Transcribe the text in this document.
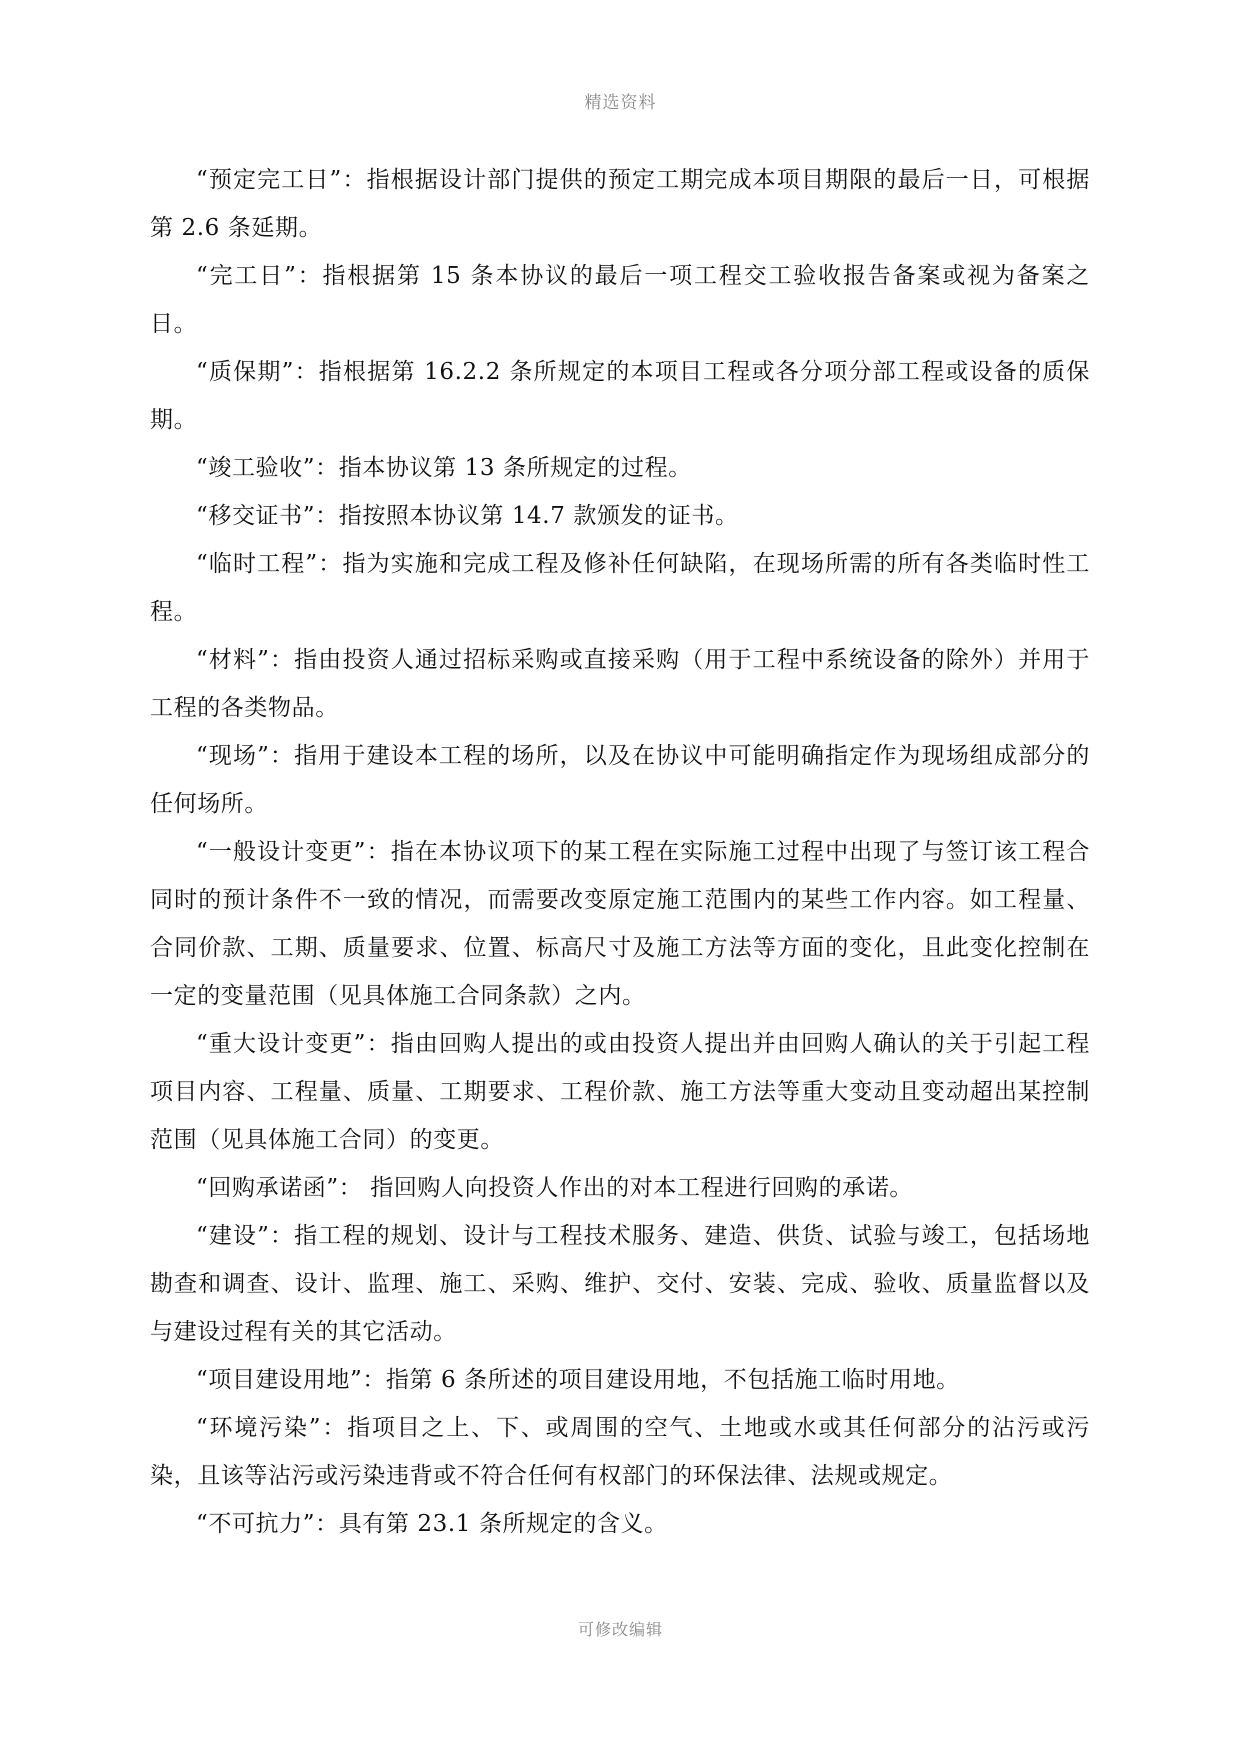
精选资料

“预定完工日”：指根据设计部门提供的预定工期完成本项目期限的最后一日，可根据第 2.6 条延期。

“完工日”：指根据第 15 条本协议的最后一项工程交工验收报告备案或视为备案之日。

“质保期”：指根据第 16.2.2 条所规定的本项目工程或各分项分部工程或设备的质保期。

“竣工验收”：指本协议第 13 条所规定的过程。

“移交证书”：指按照本协议第 14.7 款颁发的证书。

“临时工程”：指为实施和完成工程及修补任何缺陷，在现场所需的所有各类临时性工程。

“材料”：指由投资人通过招标采购或直接采购（用于工程中系统设备的除外）并用于工程的各类物品。

“现场”：指用于建设本工程的场所，以及在协议中可能明确指定作为现场组成部分的任何场所。

“一般设计变更”：指在本协议项下的某工程在实际施工过程中出现了与签订该工程合同时的预计条件不一致的情况，而需要改变原定施工范围内的某些工作内容。如工程量、合同价款、工期、质量要求、位置、标高尺寸及施工方法等方面的变化，且此变化控制在一定的变量范围（见具体施工合同条款）之内。

“重大设计变更”：指由回购人提出的或由投资人提出并由回购人确认的关于引起工程项目内容、工程量、质量、工期要求、工程价款、施工方法等重大变动且变动超出某控制范围（见具体施工合同）的变更。

“回购承诺函”： 指回购人向投资人作出的对本工程进行回购的承诺。

“建设”：指工程的规划、设计与工程技术服务、建造、供货、试验与竣工，包括场地勘查和调查、设计、监理、施工、采购、维护、交付、安装、完成、验收、质量监督以及与建设过程有关的其它活动。

“项目建设用地”：指第 6 条所述的项目建设用地，不包括施工临时用地。

“环境污染”：指项目之上、下、或周围的空气、土地或水或其任何部分的沾污或污染，且该等沾污或污染违背或不符合任何有权部门的环保法律、法规或规定。

“不可抗力”：具有第 23.1 条所规定的含义。

可修改编辑
